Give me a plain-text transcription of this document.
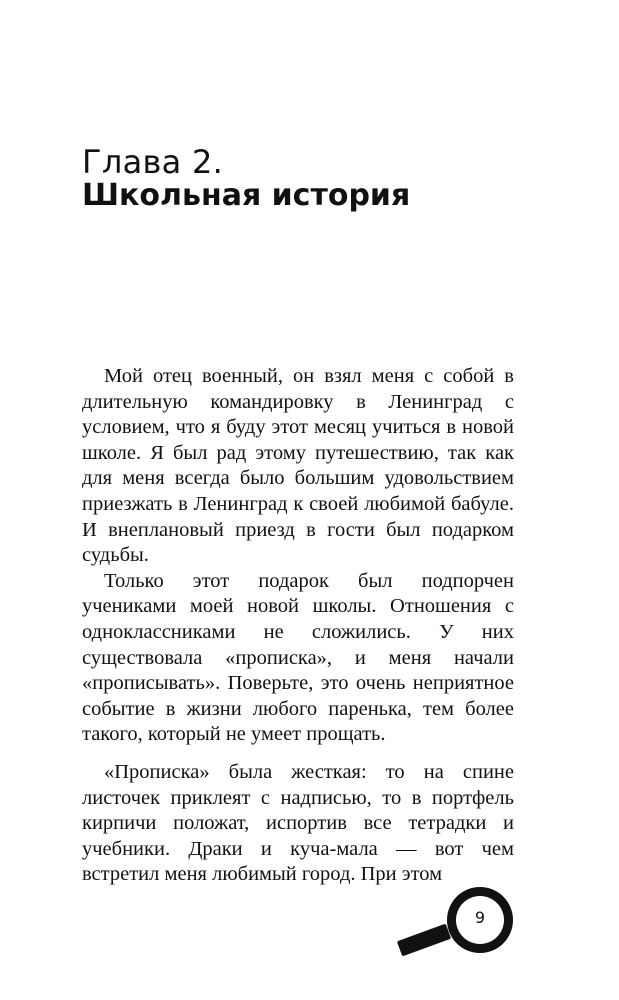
Глава 2.
Школьная история

Мой отец военный, он взял меня с собой в длительную командировку в Ленинград с условием, что я буду этот месяц учиться в новой школе. Я был рад этому путешествию, так как для меня всегда было большим удовольствием приезжать в Ленинград к своей любимой бабуле. И внеплановый приезд в гости был подарком судьбы.

Только этот подарок был подпорчен учениками моей новой школы. Отношения с одноклассниками не сложились. У них существовала «прописка», и меня начали «прописывать». Поверьте, это очень неприятное событие в жизни любого паренька, тем более такого, который не умеет прощать.

«Прописка» была жесткая: то на спине листочек приклеят с надписью, то в портфель кирпичи положат, испортив все тетрадки и учебники. Драки и куча-мала — вот чем встретил меня любимый город. При этом

9
